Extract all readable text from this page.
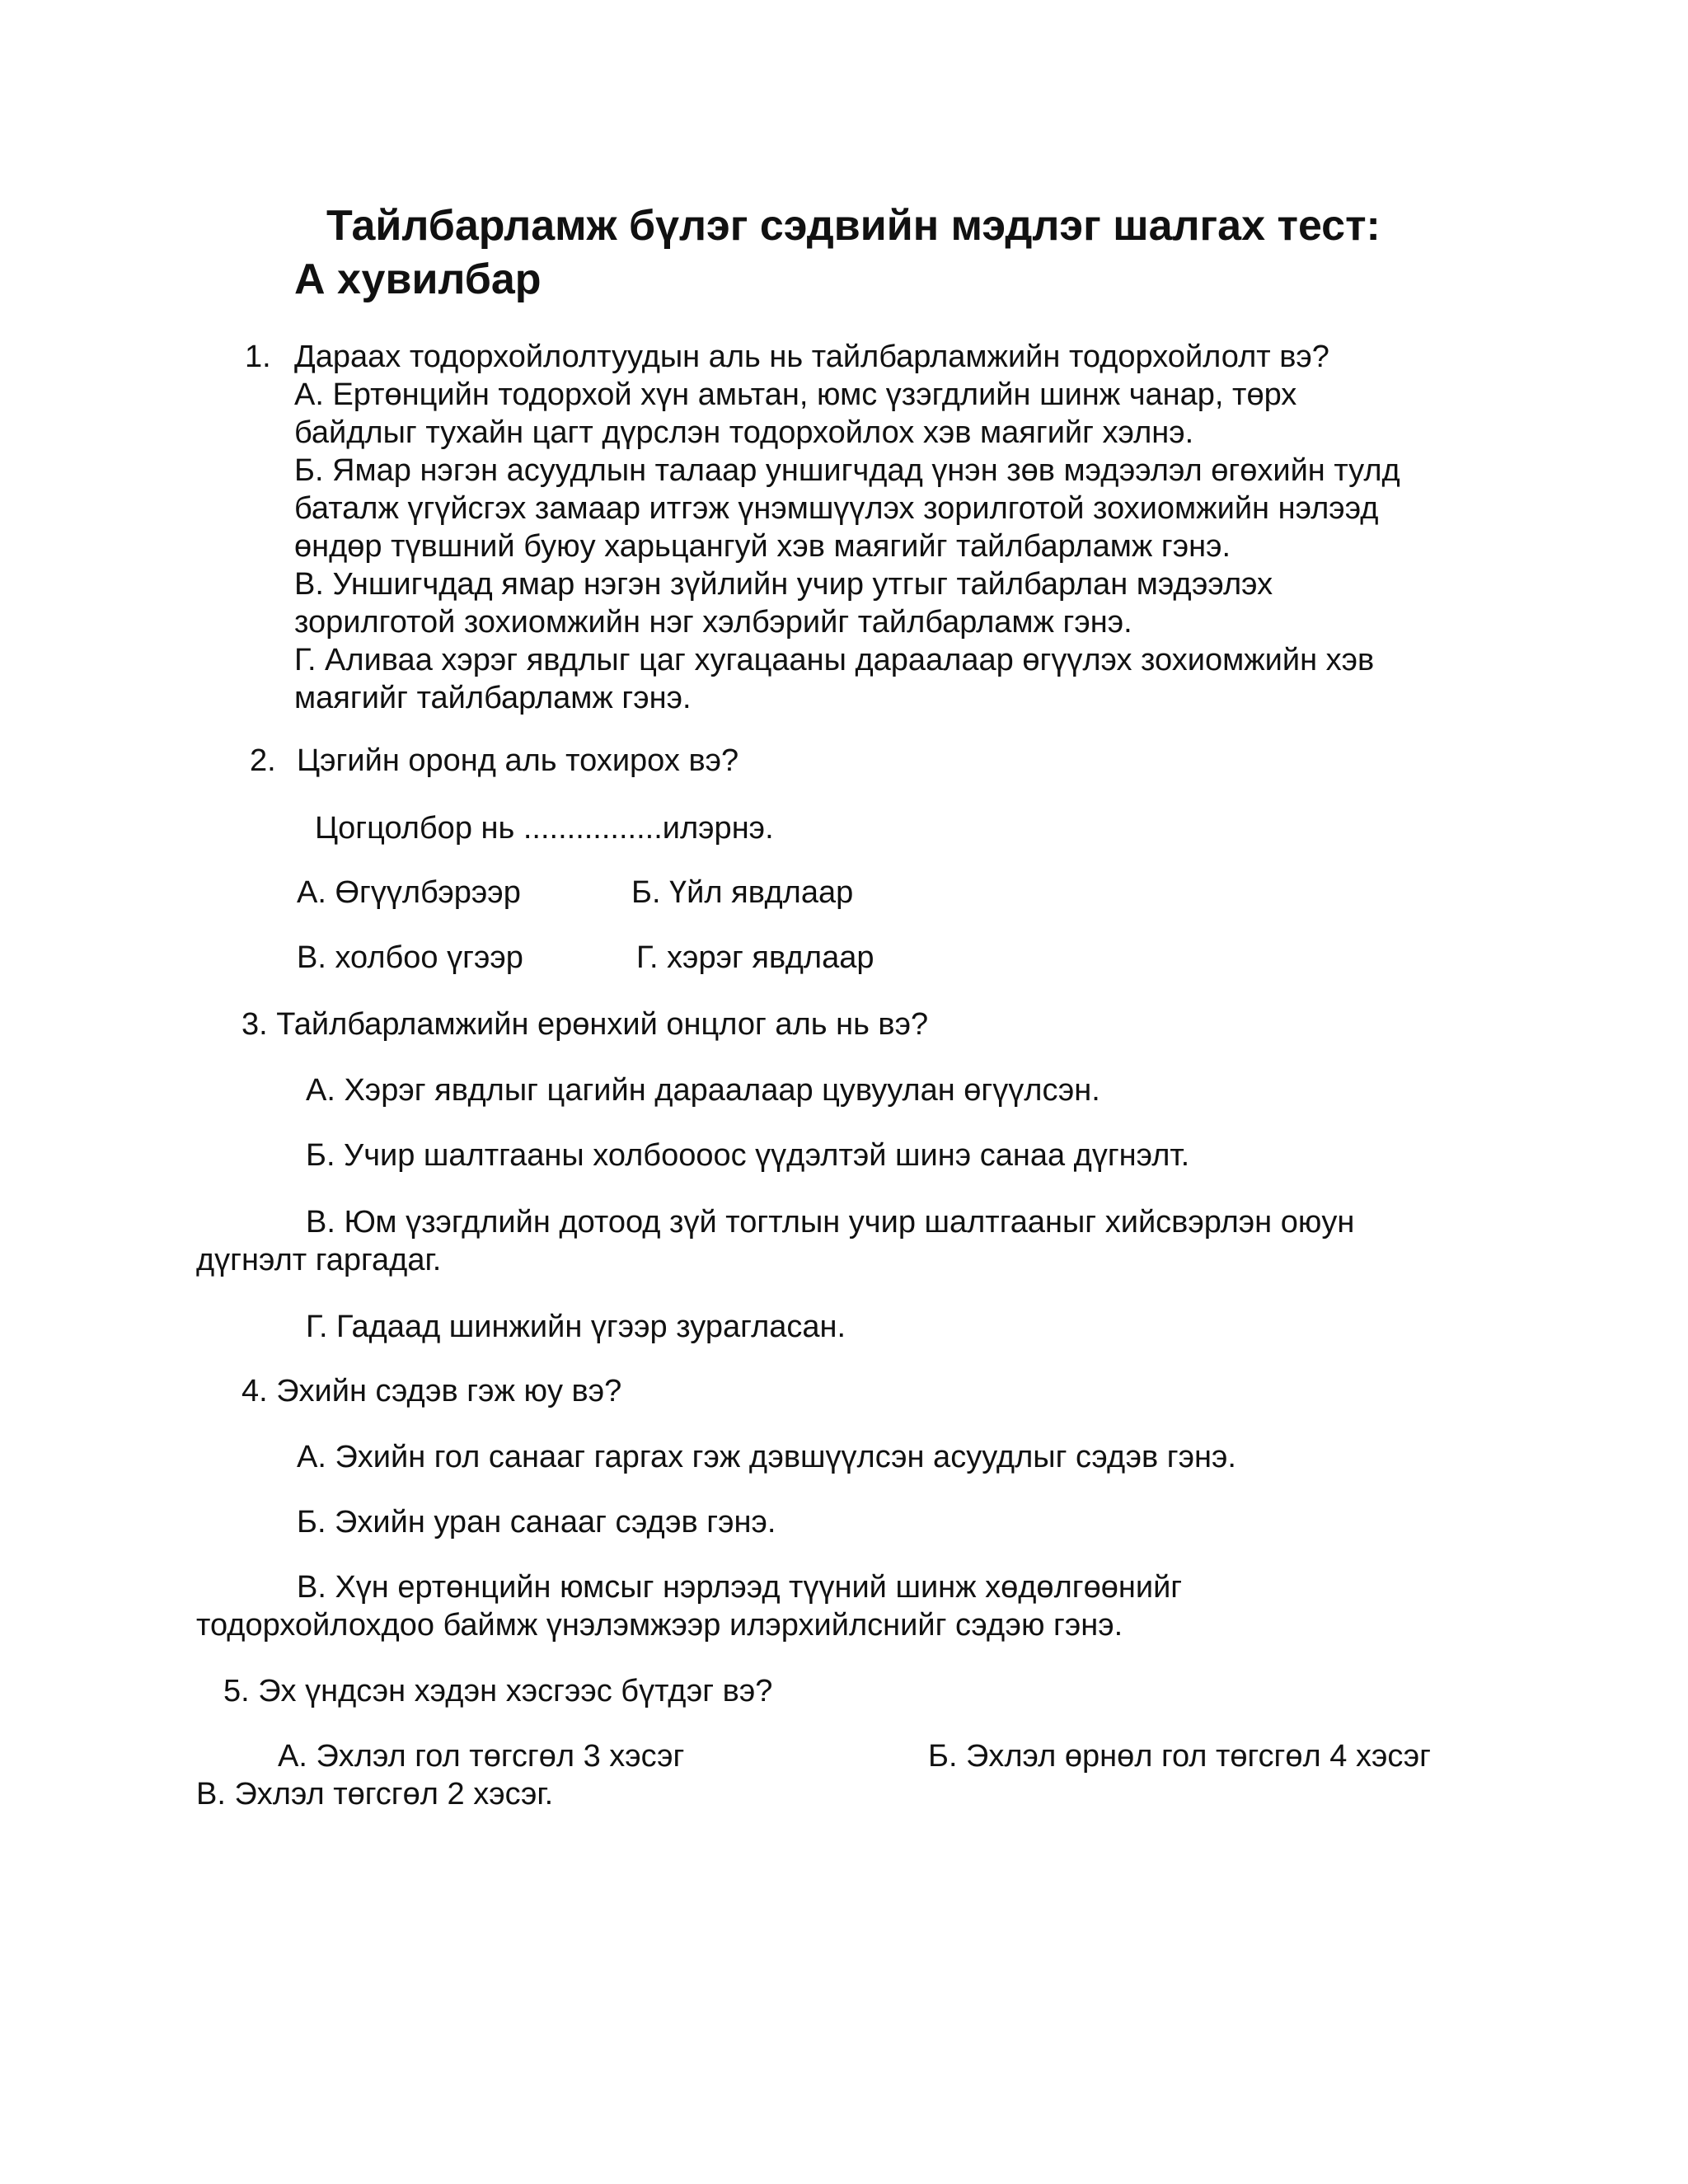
Тайлбарламж бүлэг сэдвийн мэдлэг шалгах тест:
А хувилбар
1. Дараах тодорхойлолтуудын аль нь тайлбарламжийн тодорхойлолт вэ?
А. Ертөнцийн тодорхой хүн амьтан, юмс үзэгдлийн шинж чанар, төрх
байдлыг тухайн цагт дүрслэн тодорхойлох хэв маягийг хэлнэ.
Б. Ямар нэгэн асуудлын талаар уншигчдад үнэн зөв мэдээлэл өгөхийн тулд
баталж үгүйсгэх замаар итгэж үнэмшүүлэх зорилготой зохиомжийн нэлээд
өндөр түвшний буюу харьцангуй хэв маягийг тайлбарламж гэнэ.
В. Уншигчдад ямар нэгэн зүйлийн учир утгыг тайлбарлан мэдээлэх
зорилготой зохиомжийн нэг хэлбэрийг тайлбарламж гэнэ.
Г. Аливаа хэрэг явдлыг цаг хугацааны дараалаар өгүүлэх зохиомжийн хэв
маягийг тайлбарламж гэнэ.
2. Цэгийн оронд аль тохирох вэ?
Цогцолбор нь ................илэрнэ.
А. Өгүүлбэрээр	Б. Үйл явдлаар
В. холбоо үгээр	Г. хэрэг явдлаар
3. Тайлбарламжийн ерөнхий онцлог аль нь вэ?
А. Хэрэг явдлыг цагийн дараалаар цувуулан өгүүлсэн.
Б. Учир шалтгааны холбоооос үүдэлтэй шинэ санаа дүгнэлт.
В. Юм үзэгдлийн дотоод зүй тогтлын учир шалтгааныг хийсвэрлэн оюун
дүгнэлт гаргадаг.
Г. Гадаад шинжийн үгээр зурагласан.
4. Эхийн сэдэв гэж юу вэ?
А. Эхийн гол санааг гаргах гэж дэвшүүлсэн асуудлыг сэдэв гэнэ.
Б. Эхийн уран санааг сэдэв гэнэ.
В. Хүн ертөнцийн юмсыг нэрлээд түүний шинж хөдөлгөөнийг
тодорхойлохдоо баймж үнэлэмжээр илэрхийлснийг сэдэю гэнэ.
5. Эх үндсэн хэдэн хэсгээс бүтдэг вэ?
А. Эхлэл гол төгсгөл 3 хэсэг	Б. Эхлэл өрнөл гол төгсгөл 4 хэсэг
В. Эхлэл төгсгөл 2 хэсэг.
